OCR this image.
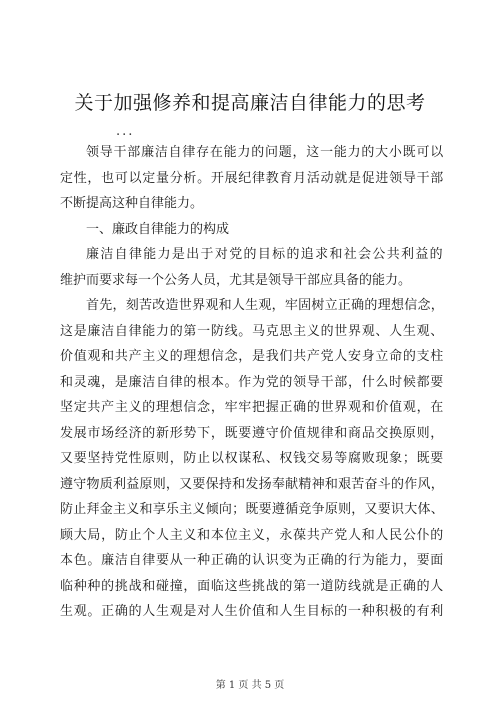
关于加强修养和提高廉洁自律能力的思考
...
领导干部廉洁自律存在能力的问题，这一能力的大小既可以
定性，也可以定量分析。开展纪律教育月活动就是促进领导干部
不断提高这种自律能力。
一、廉政自律能力的构成
廉洁自律能力是出于对党的目标的追求和社会公共利益的
维护而要求每一个公务人员，尤其是领导干部应具备的能力。
首先，刻苦改造世界观和人生观，牢固树立正确的理想信念，
这是廉洁自律能力的第一防线。马克思主义的世界观、人生观、
价值观和共产主义的理想信念，是我们共产党人安身立命的支柱
和灵魂，是廉洁自律的根本。作为党的领导干部，什么时候都要
坚定共产主义的理想信念，牢牢把握正确的世界观和价值观，在
发展市场经济的新形势下，既要遵守价值规律和商品交换原则，
又要坚持党性原则，防止以权谋私、权钱交易等腐败现象；既要
遵守物质利益原则，又要保持和发扬奉献精神和艰苦奋斗的作风，
防止拜金主义和享乐主义倾向；既要遵循竞争原则，又要识大体、
顾大局，防止个人主义和本位主义，永葆共产党人和人民公仆的
本色。廉洁自律要从一种正确的认识变为正确的行为能力，要面
临种种的挑战和碰撞，面临这些挑战的第一道防线就是正确的人
生观。正确的人生观是对人生价值和人生目标的一种积极的有利
第 1 页 共 5 页
